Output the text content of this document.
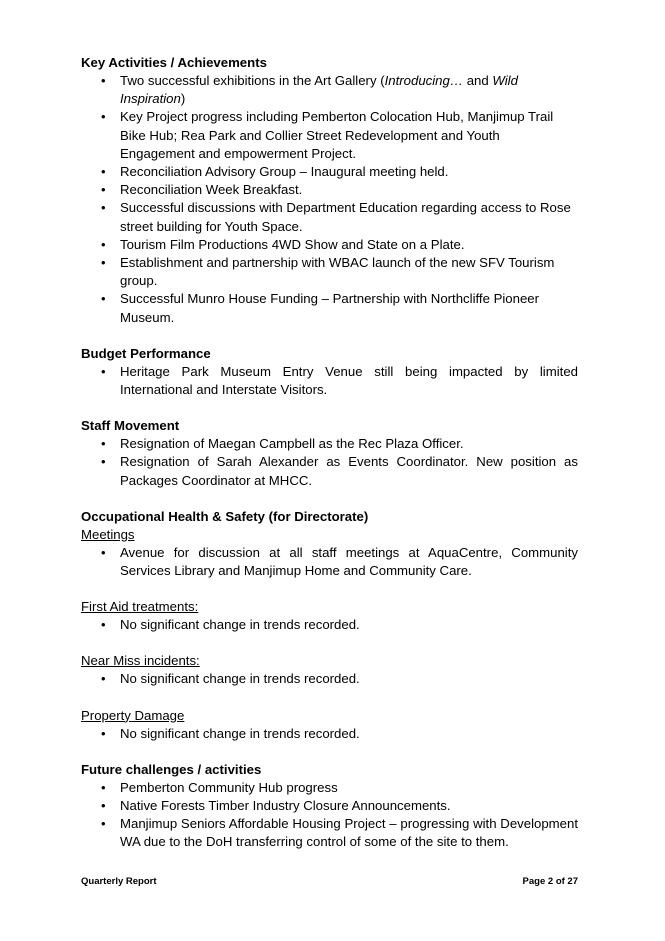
Key Activities / Achievements

• Two successful exhibitions in the Art Gallery (Introducing… and Wild Inspiration)
• Key Project progress including Pemberton Colocation Hub, Manjimup Trail Bike Hub; Rea Park and Collier Street Redevelopment and Youth Engagement and empowerment Project.
• Reconciliation Advisory Group – Inaugural meeting held.
• Reconciliation Week Breakfast.
• Successful discussions with Department Education regarding access to Rose street building for Youth Space.
• Tourism Film Productions 4WD Show and State on a Plate.
• Establishment and partnership with WBAC launch of the new SFV Tourism group.
• Successful Munro House Funding – Partnership with Northcliffe Pioneer Museum.

Budget Performance

• Heritage Park Museum Entry Venue still being impacted by limited International and Interstate Visitors.

Staff Movement

• Resignation of Maegan Campbell as the Rec Plaza Officer.
• Resignation of Sarah Alexander as Events Coordinator. New position as Packages Coordinator at MHCC.

Occupational Health & Safety (for Directorate)

Meetings

• Avenue for discussion at all staff meetings at AquaCentre, Community Services Library and Manjimup Home and Community Care.

First Aid treatments:

• No significant change in trends recorded.

Near Miss incidents:

• No significant change in trends recorded.

Property Damage

• No significant change in trends recorded.

Future challenges / activities

• Pemberton Community Hub progress
• Native Forests Timber Industry Closure Announcements.
• Manjimup Seniors Affordable Housing Project – progressing with Development WA due to the DoH transferring control of some of the site to them.
Quarterly Report	Page 2 of 27
